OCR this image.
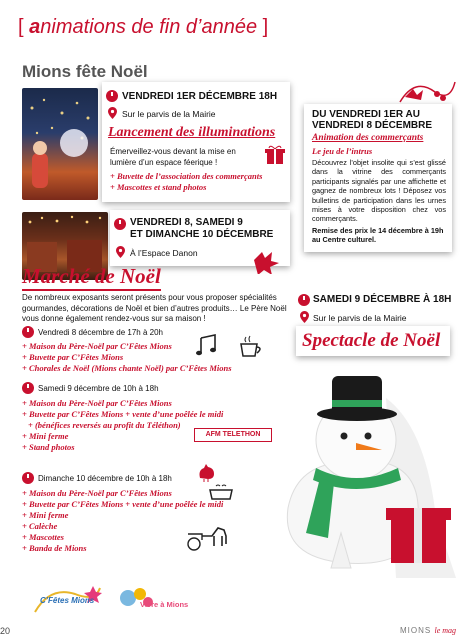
[ animations de fin d’année ]
Mions fête Noël
VENDREDI 1ER DÉCEMBRE 18H
Sur le parvis de la Mairie
Lancement des illuminations
Émerveillez-vous devant la mise en lumière d’un espace féerique !
+ Buvette de l’association des commerçants
+ Mascottes et stand photos
DU VENDREDI 1ER AU
VENDREDI 8 DÉCEMBRE
Animation des commerçants
Le jeu de l’intrus
Découvrez l’objet insolite qui s’est glissé dans la vitrine des commerçants participants signalés par une affichette et gagnez de nombreux lots ! Déposez vos bulletins de participation dans les urnes mises à votre disposition chez vos commerçants.
Remise des prix le 14 décembre à 19h au Centre culturel.
VENDREDI 8, SAMEDI 9
ET DIMANCHE 10 DÉCEMBRE
À l’Espace Danon
Marché de Noël
De nombreux exposants seront présents pour vous proposer spécialités gourmandes, décorations de Noël et bien d’autres produits… Le Père Noël vous donne également rendez-vous sur sa maison !
SAMEDI 9 DÉCEMBRE À 18H
Sur le parvis de la Mairie
Spectacle de Noël
Vendredi 8 décembre de 17h à 20h
+ Maison du Père-Noël par C’Fêtes Mions
+ Buvette par C’Fêtes Mions
+ Chorales de Noël (Mions chante Noël) par C’Fêtes Mions
Samedi 9 décembre de 10h à 18h
+ Maison du Père-Noël par C’Fêtes Mions
+ Buvette par C’Fêtes Mions + vente d’une poêlée le midi
+ (bénéfices reversés au profit du Téléthon)
+ Mini ferme
+ Stand photos
AFM TELETHON
Dimanche 10 décembre de 10h à 18h
+ Maison du Père-Noël par C’Fêtes Mions
+ Buvette par C’Fêtes Mions + vente d’une poêlée le midi
+ Mini ferme
+ Calèche
+ Mascottes
+ Banda de Mions
C’Fêtes Mions	Vivre à Mions
20	MIONS le mag
